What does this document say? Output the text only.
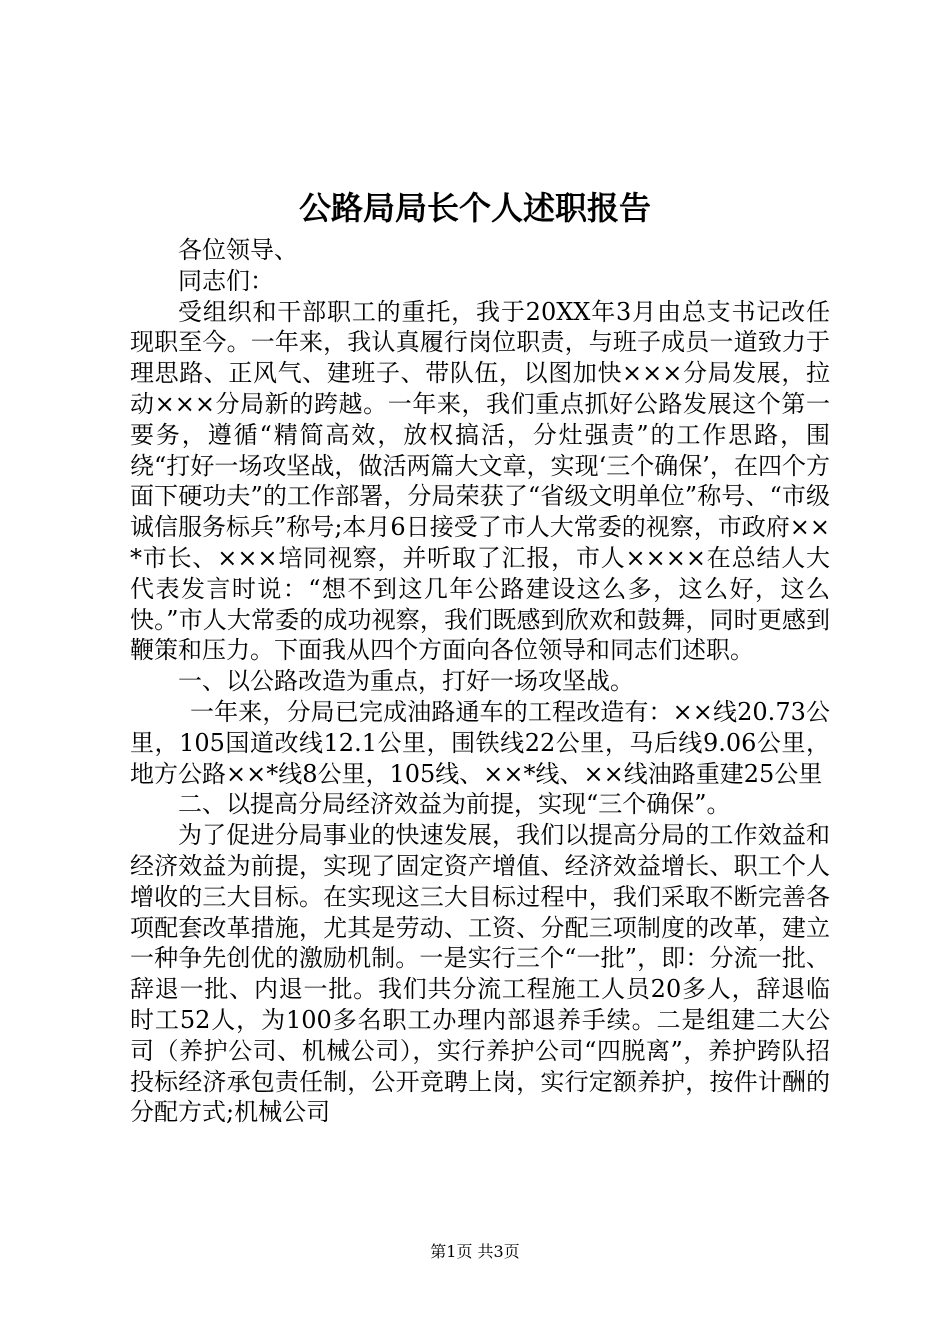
公路局局长个人述职报告

各位领导、

同志们：

受组织和干部职工的重托，我于20XX年3月由总支书记改任现职至今。一年来，我认真履行岗位职责，与班子成员一道致力于理思路、正风气、建班子、带队伍，以图加快×××分局发展，拉动×××分局新的跨越。一年来，我们重点抓好公路发展这个第一要务，遵循“精简高效，放权搞活，分灶强责”的工作思路，围绕“打好一场攻坚战，做活两篇大文章，实现‘三个确保’，在四个方面下硬功夫”的工作部署，分局荣获了“省级文明单位”称号、“市级诚信服务标兵”称号;本月6日接受了市人大常委的视察，市政府××*市长、×××培同视察，并听取了汇报，市人××××在总结人大代表发言时说：“想不到这几年公路建设这么多，这么好，这么快。”市人大常委的成功视察，我们既感到欣欢和鼓舞，同时更感到鞭策和压力。下面我从四个方面向各位领导和同志们述职。

一、以公路改造为重点，打好一场攻坚战。

一年来，分局已完成油路通车的工程改造有：××线20.73公里，105国道改线12.1公里，围铁线22公里，马后线9.06公里，地方公路××*线8公里，105线、××*线、××线油路重建25公里

二、以提高分局经济效益为前提，实现“三个确保”。

为了促进分局事业的快速发展，我们以提高分局的工作效益和经济效益为前提，实现了固定资产增值、经济效益增长、职工个人增收的三大目标。在实现这三大目标过程中，我们采取不断完善各项配套改革措施，尤其是劳动、工资、分配三项制度的改革，建立一种争先创优的激励机制。一是实行三个“一批”，即：分流一批、辞退一批、内退一批。我们共分流工程施工人员20多人，辞退临时工52人，为100多名职工办理内部退养手续。二是组建二大公司（养护公司、机械公司），实行养护公司“四脱离”，养护跨队招投标经济承包责任制，公开竞聘上岗，实行定额养护，按件计酬的分配方式;机械公司

第1页 共3页
